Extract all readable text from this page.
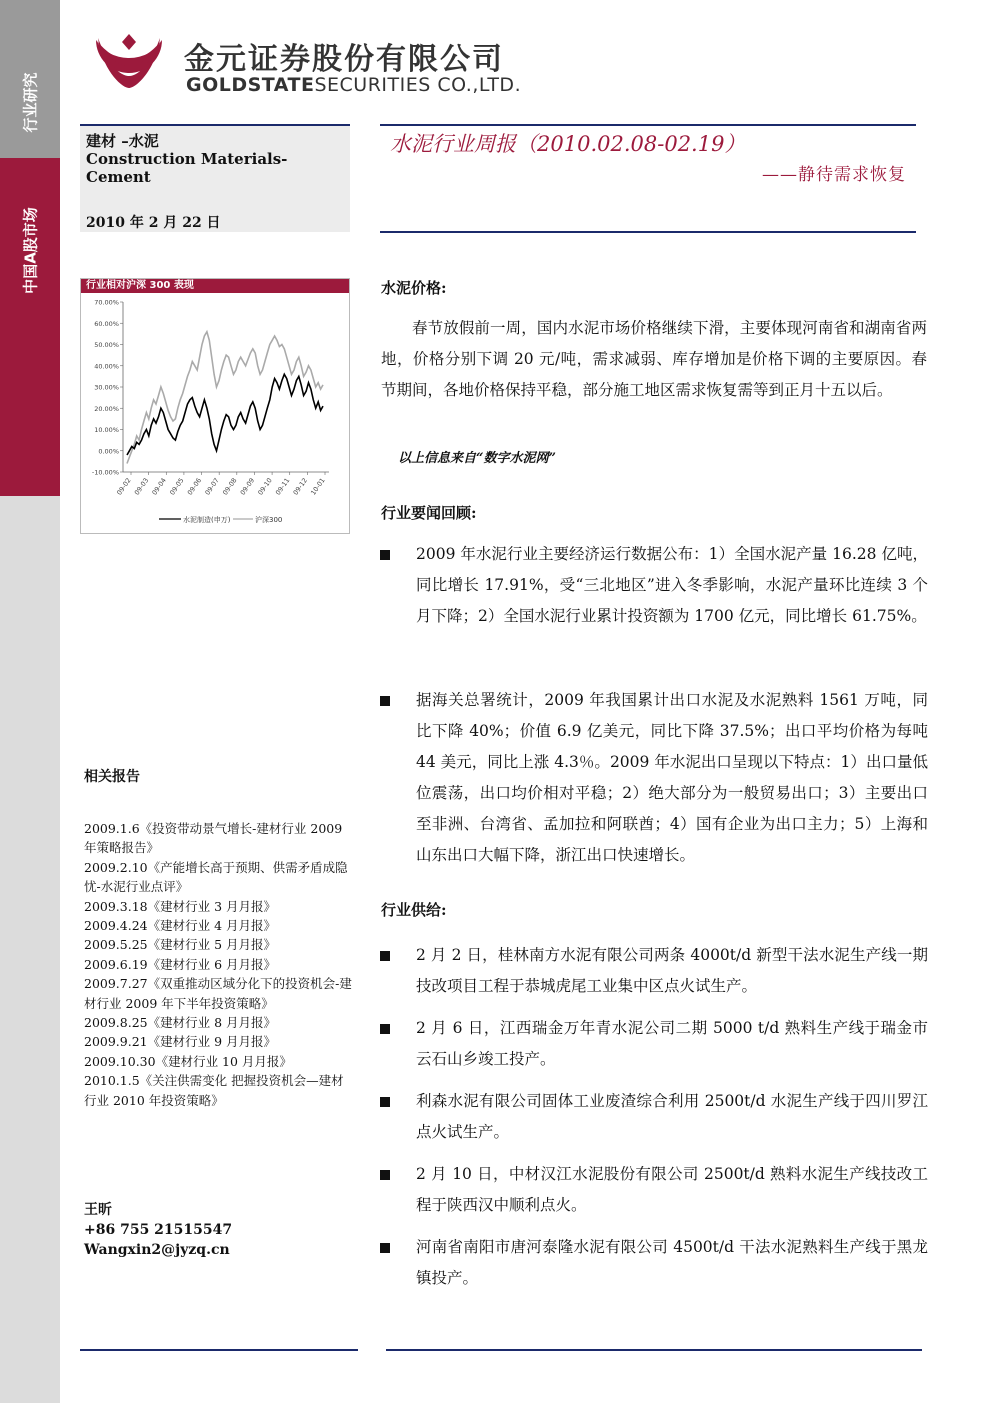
行业研究
中国A股市场
金元证券股份有限公司
GOLDSTATESECURITIES CO.,LTD.
建材 –水泥
Construction Materials-Cement
2010 年 2 月 22 日
水泥行业周报（2010.02.08-02.19）
——静待需求恢复
行业相对沪深 300 表现
70.00%
60.00%
50.00%
40.00%
30.00%
20.00%
10.00%
0.00%
-10.00%
09-02 09-03 09-04 09-05 09-06 09-07 09-08 09-09 09-10 09-11 09-12 10-01
水泥制造(申万)	沪深300
相关报告
2009.1.6《投资带动景气增长-建材行业 2009 年策略报告》
2009.2.10《产能增长高于预期、供需矛盾成隐忧-水泥行业点评》
2009.3.18《建材行业 3 月月报》
2009.4.24《建材行业 4 月月报》
2009.5.25《建材行业 5 月月报》
2009.6.19《建材行业 6 月月报》
2009.7.27《双重推动区域分化下的投资机会-建材行业 2009 年下半年投资策略》
2009.8.25《建材行业 8 月月报》
2009.9.21《建材行业 9 月月报》
2009.10.30《建材行业 10 月月报》
2010.1.5《关注供需变化 把握投资机会—建材行业 2010 年投资策略》
王昕
+86 755 21515547
Wangxin2@jyzq.cn
水泥价格:
春节放假前一周，国内水泥市场价格继续下滑，主要体现河南省和湖南省两地，价格分别下调 20 元/吨，需求减弱、库存增加是价格下调的主要原因。春节期间，各地价格保持平稳，部分施工地区需求恢复需等到正月十五以后。
以上信息来自“数字水泥网”
行业要闻回顾:
2009 年水泥行业主要经济运行数据公布：1）全国水泥产量 16.28 亿吨，同比增长 17.91%，受“三北地区”进入冬季影响，水泥产量环比连续 3 个月下降；2）全国水泥行业累计投资额为 1700 亿元，同比增长 61.75%。
据海关总署统计，2009 年我国累计出口水泥及水泥熟料 1561 万吨，同比下降 40%；价值 6.9 亿美元，同比下降 37.5%；出口平均价格为每吨 44 美元，同比上涨 4.3％。2009 年水泥出口呈现以下特点：1）出口量低位震荡，出口均价相对平稳；2）绝大部分为一般贸易出口；3）主要出口至非洲、台湾省、孟加拉和阿联酋；4）国有企业为出口主力；5）上海和山东出口大幅下降，浙江出口快速增长。
行业供给:
2 月 2 日，桂林南方水泥有限公司两条 4000t/d 新型干法水泥生产线一期技改项目工程于恭城虎尾工业集中区点火试生产。
2 月 6 日，江西瑞金万年青水泥公司二期 5000 t/d 熟料生产线于瑞金市云石山乡竣工投产。
利森水泥有限公司固体工业废渣综合利用 2500t/d 水泥生产线于四川罗江点火试生产。
2 月 10 日，中材汉江水泥股份有限公司 2500t/d 熟料水泥生产线技改工程于陕西汉中顺利点火。
河南省南阳市唐河泰隆水泥有限公司 4500t/d 干法水泥熟料生产线于黑龙镇投产。
